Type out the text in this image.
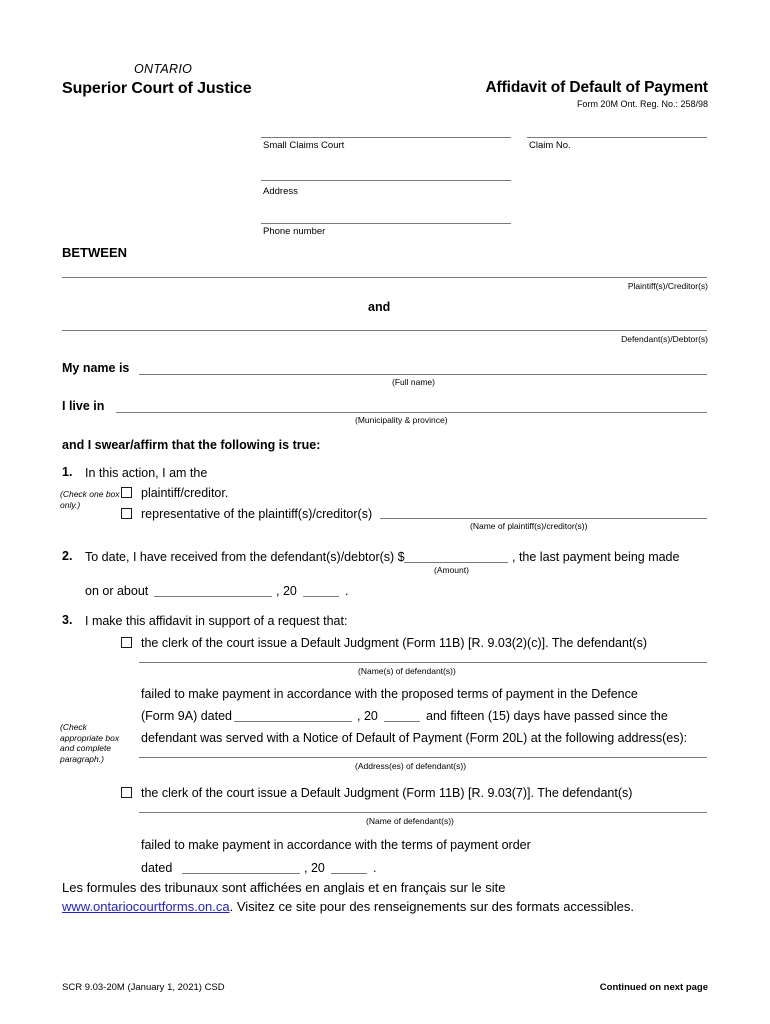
ONTARIO
Superior Court of Justice	Affidavit of Default of Payment
Form 20M Ont. Reg. No.: 258/98
Small Claims Court	Claim No.
Address
Phone number
BETWEEN
Plaintiff(s)/Creditor(s)
and
Defendant(s)/Debtor(s)
My name is
(Full name)
I live in
(Municipality & province)
and I swear/affirm that the following is true:
1. In this action, I am the
(Check one box only.)
plaintiff/creditor.
representative of the plaintiff(s)/creditor(s)
(Name of plaintiff(s)/creditor(s))
2. To date, I have received from the defendant(s)/debtor(s) $
(Amount)
, the last payment being made
on or about	, 20	.
3. I make this affidavit in support of a request that:
the clerk of the court issue a Default Judgment (Form 11B) [R. 9.03(2)(c)]. The defendant(s)
(Name(s) of defendant(s))
failed to make payment in accordance with the proposed terms of payment in the Defence
(Check appropriate box and complete paragraph.)
(Form 9A) dated	, 20	and fifteen (15) days have passed since the
defendant was served with a Notice of Default of Payment (Form 20L) at the following address(es):
(Address(es) of defendant(s))
the clerk of the court issue a Default Judgment (Form 11B) [R. 9.03(7)]. The defendant(s)
(Name of defendant(s))
failed to make payment in accordance with the terms of payment order
dated	, 20	.
Les formules des tribunaux sont affichées en anglais et en français sur le site
www.ontariocourtforms.on.ca. Visitez ce site pour des renseignements sur des formats accessibles.
SCR 9.03-20M (January 1, 2021) CSD	Continued on next page
